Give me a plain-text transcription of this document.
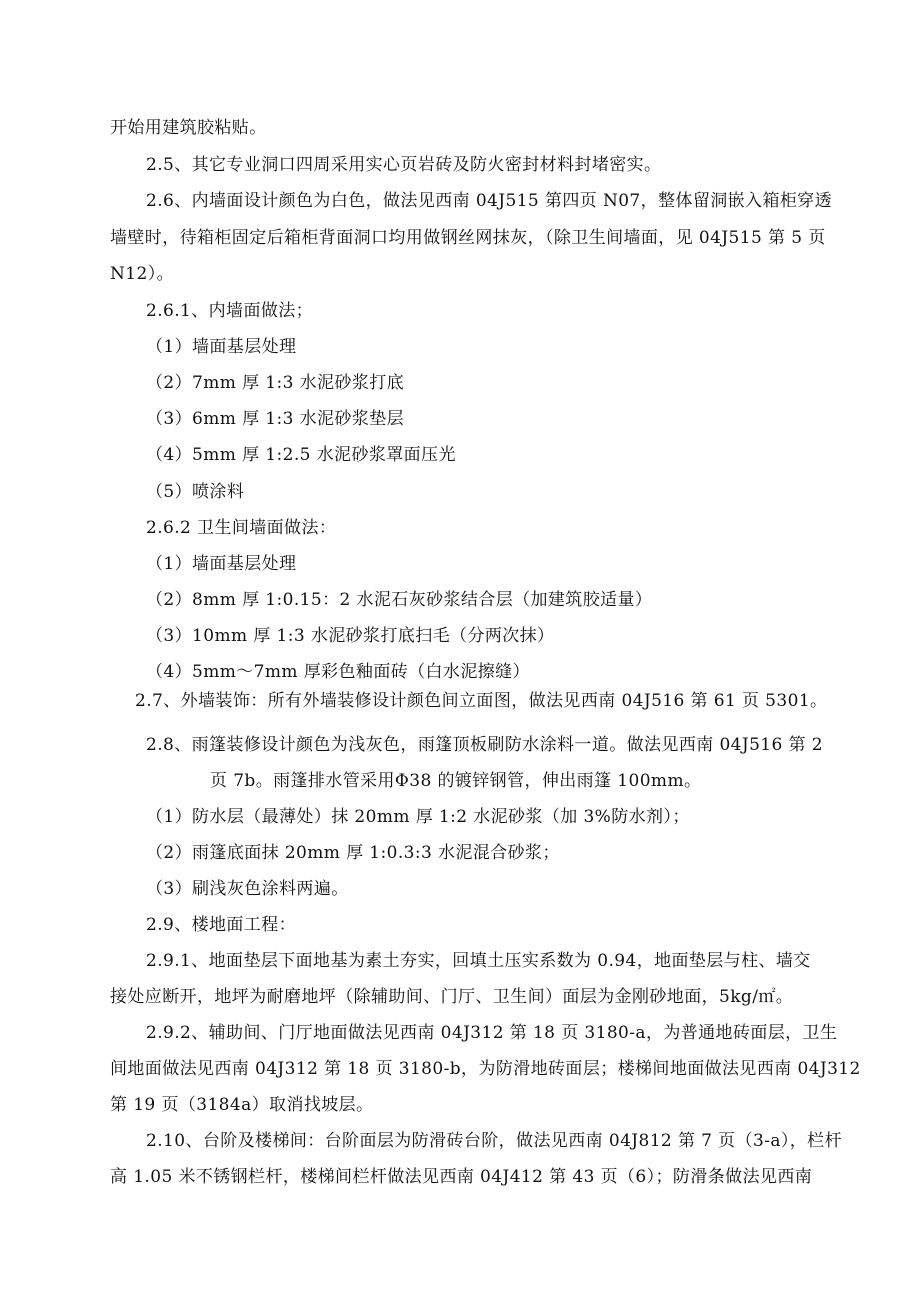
开始用建筑胶粘贴。
2.5、其它专业洞口四周采用实心页岩砖及防火密封材料封堵密实。
2.6、内墙面设计颜色为白色，做法见西南 04J515 第四页 N07，整体留洞嵌入箱柜穿透
墙壁时，待箱柜固定后箱柜背面洞口均用做钢丝网抹灰，（除卫生间墙面，见 04J515 第 5 页
N12）。
2.6.1、内墙面做法；
（1）墙面基层处理
（2）7mm 厚 1:3 水泥砂浆打底
（3）6mm 厚 1:3 水泥砂浆垫层
（4）5mm 厚 1:2.5 水泥砂浆罩面压光
（5）喷涂料
2.6.2 卫生间墙面做法：
（1）墙面基层处理
（2）8mm 厚 1:0.15：2 水泥石灰砂浆结合层（加建筑胶适量）
（3）10mm 厚 1:3 水泥砂浆打底扫毛（分两次抹）
（4）5mm～7mm 厚彩色釉面砖（白水泥擦缝）
2.7、外墙装饰：所有外墙装修设计颜色间立面图，做法见西南 04J516 第 61 页 5301。
2.8、雨篷装修设计颜色为浅灰色，雨篷顶板刷防水涂料一道。做法见西南 04J516 第 2
页 7b。雨篷排水管采用Φ38 的镀锌钢管，伸出雨篷 100mm。
（1）防水层（最薄处）抹 20mm 厚 1:2 水泥砂浆（加 3%防水剂）；
（2）雨篷底面抹 20mm 厚 1:0.3:3 水泥混合砂浆；
（3）刷浅灰色涂料两遍。
2.9、楼地面工程：
2.9.1、地面垫层下面地基为素土夯实，回填土压实系数为 0.94，地面垫层与柱、墙交
接处应断开，地坪为耐磨地坪（除辅助间、门厅、卫生间）面层为金刚砂地面，5kg/㎡。
2.9.2、辅助间、门厅地面做法见西南 04J312 第 18 页 3180-a，为普通地砖面层，卫生
间地面做法见西南 04J312 第 18 页 3180-b，为防滑地砖面层；楼梯间地面做法见西南 04J312
第 19 页（3184a）取消找坡层。
2.10、台阶及楼梯间：台阶面层为防滑砖台阶，做法见西南 04J812 第 7 页（3-a），栏杆
高 1.05 米不锈钢栏杆，楼梯间栏杆做法见西南 04J412 第 43 页（6）；防滑条做法见西南
